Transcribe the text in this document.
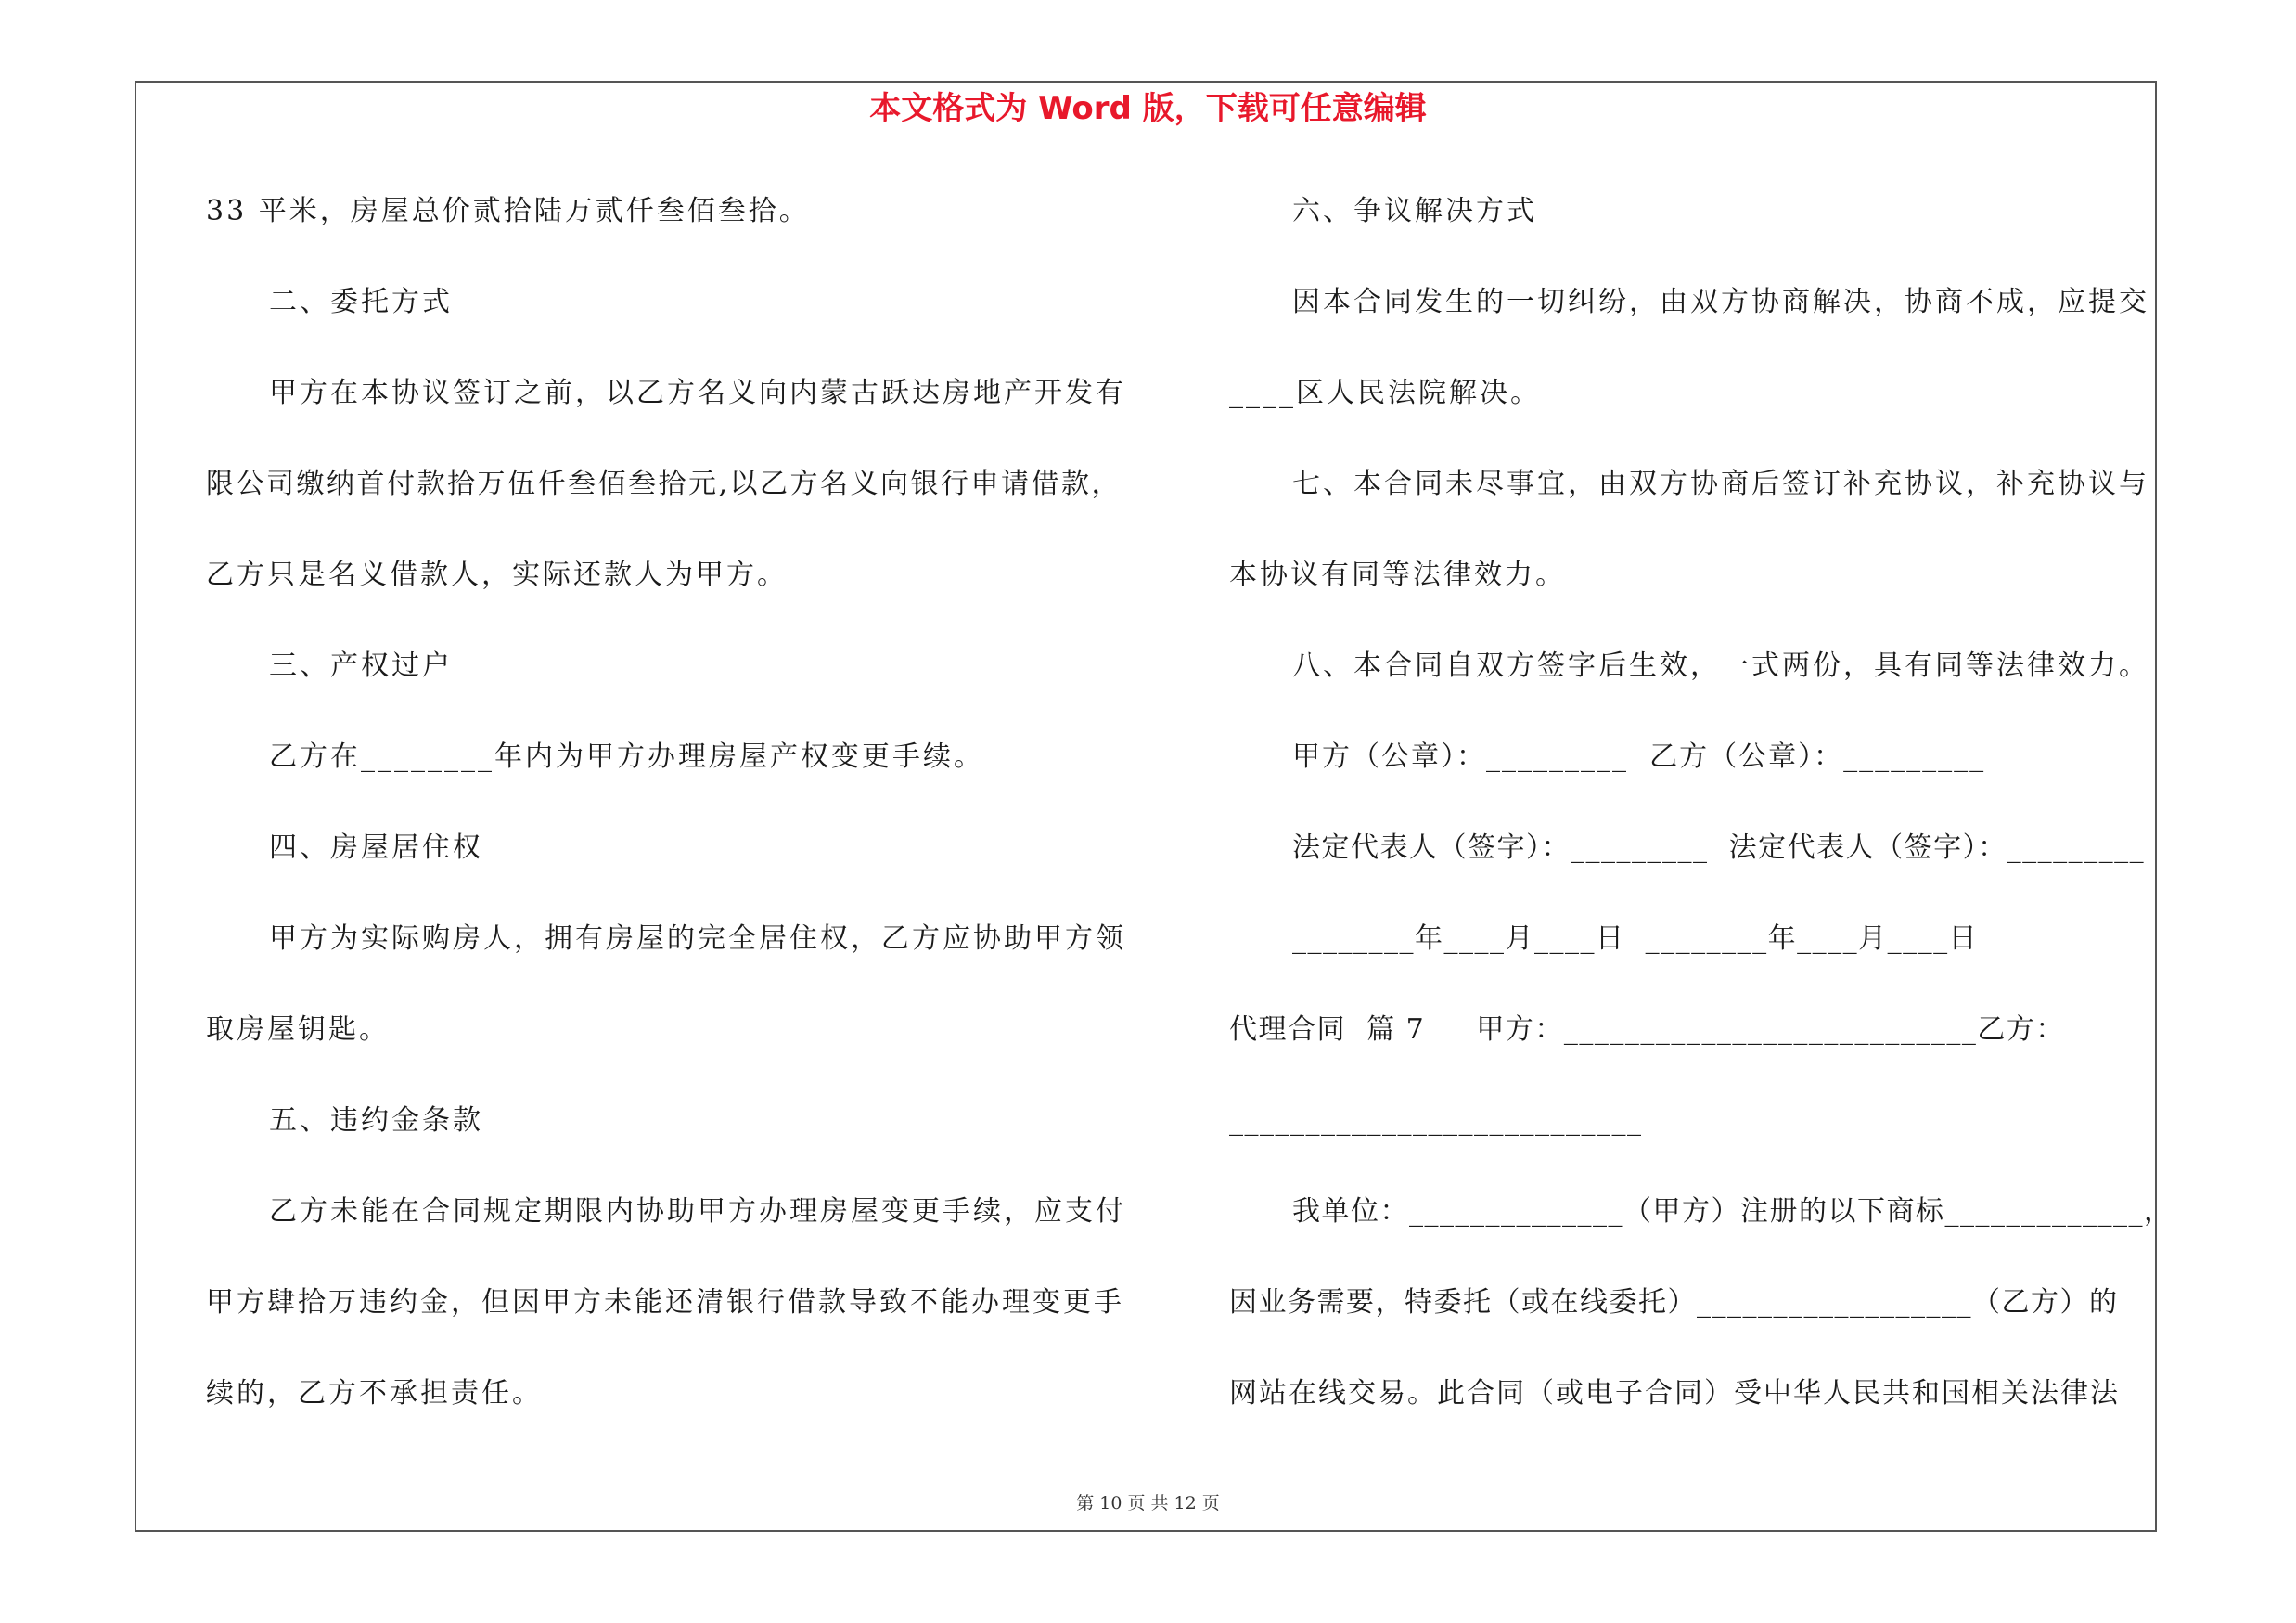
本文格式为 Word 版，下载可任意编辑
33 平米，房屋总价贰拾陆万贰仟叁佰叁拾。
二、委托方式
甲方在本协议签订之前，以乙方名义向内蒙古跃达房地产开发有
限公司缴纳首付款拾万伍仟叁佰叁拾元,以乙方名义向银行申请借款，
乙方只是名义借款人，实际还款人为甲方。
三、产权过户
乙方在________年内为甲方办理房屋产权变更手续。
四、房屋居住权
甲方为实际购房人，拥有房屋的完全居住权，乙方应协助甲方领
取房屋钥匙。
五、违约金条款
乙方未能在合同规定期限内协助甲方办理房屋变更手续，应支付
甲方肆拾万违约金，但因甲方未能还清银行借款导致不能办理变更手
续的，乙方不承担责任。
六、争议解决方式
因本合同发生的一切纠纷，由双方协商解决，协商不成，应提交
____区人民法院解决。
七、本合同未尽事宜，由双方协商后签订补充协议，补充协议与
本协议有同等法律效力。
八、本合同自双方签字后生效，一式两份，具有同等法律效力。
甲方（公章）：_________  乙方（公章）：_________
法定代表人（签字）：_________  法定代表人（签字）：_________
________年____月____日  ________年____月____日
代理合同  篇 7     甲方：___________________________乙方：
___________________________
我单位：______________（甲方）注册的以下商标_____________，
因业务需要，特委托（或在线委托）__________________（乙方）的
网站在线交易。此合同（或电子合同）受中华人民共和国相关法律法
第 10 页 共 12 页
